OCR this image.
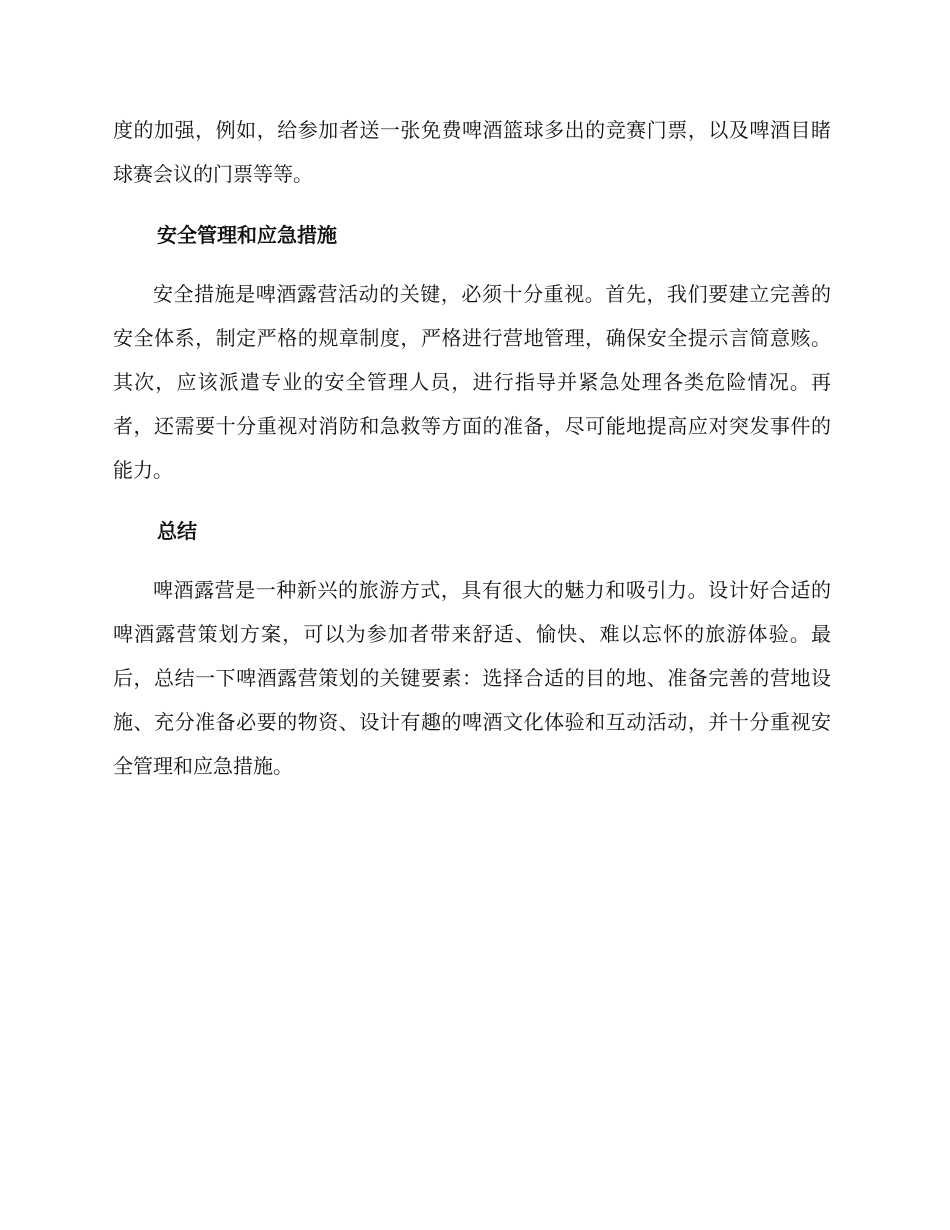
度的加强，例如，给参加者送一张免费啤酒篮球多出的竞赛门票，以及啤酒目睹球赛会议的门票等等。

安全管理和应急措施

安全措施是啤酒露营活动的关键，必须十分重视。首先，我们要建立完善的安全体系，制定严格的规章制度，严格进行营地管理，确保安全提示言简意赅。其次，应该派遣专业的安全管理人员，进行指导并紧急处理各类危险情况。再者，还需要十分重视对消防和急救等方面的准备，尽可能地提高应对突发事件的能力。

总结

啤酒露营是一种新兴的旅游方式，具有很大的魅力和吸引力。设计好合适的啤酒露营策划方案，可以为参加者带来舒适、愉快、难以忘怀的旅游体验。最后，总结一下啤酒露营策划的关键要素：选择合适的目的地、准备完善的营地设施、充分准备必要的物资、设计有趣的啤酒文化体验和互动活动，并十分重视安全管理和应急措施。
